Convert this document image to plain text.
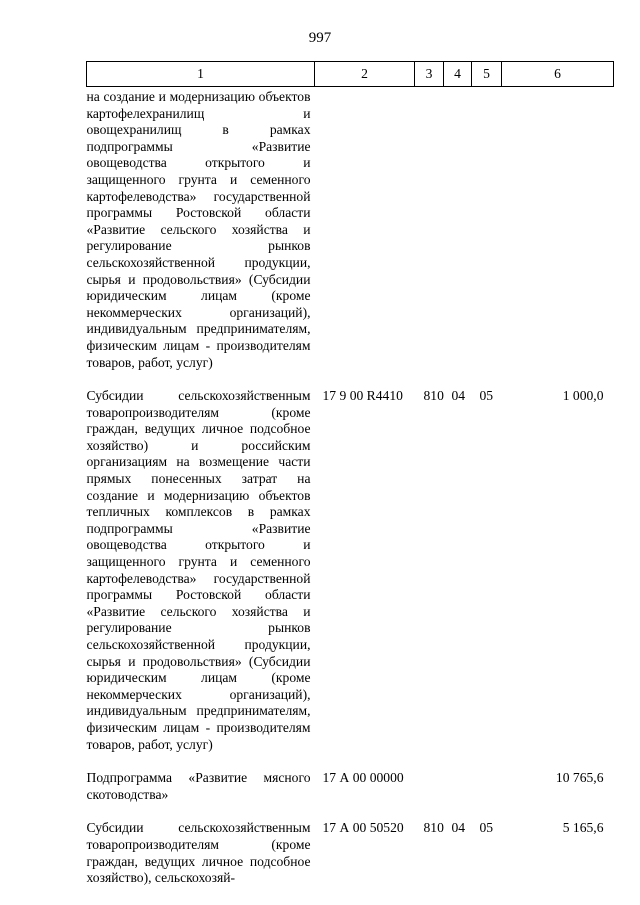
997
1	2	3	4	5	6
на создание и модернизацию объектов картофелехранилищ и овощехранилищ в рамках подпрограммы «Развитие овощеводства открытого и защищенного грунта и семенного картофелеводства» государственной программы Ростовской области «Развитие сельского хозяйства и регулирование рынков сельскохозяйственной продукции, сырья и продовольствия» (Субсидии юридическим лицам (кроме некоммерческих организаций), индивидуальным предпринимателям, физическим лицам - производителям товаров, работ, услуг)					
Субсидии сельскохозяйственным товаропроизводителям (кроме граждан, ведущих личное подсобное хозяйство) и российским организациям на возмещение части прямых понесенных затрат на создание и модернизацию объектов тепличных комплексов в рамках подпрограммы «Развитие овощеводства открытого и защищенного грунта и семенного картофелеводства» государственной программы Ростовской области «Развитие сельского хозяйства и регулирование рынков сельскохозяйственной продукции, сырья и продовольствия» (Субсидии юридическим лицам (кроме некоммерческих организаций), индивидуальным предпринимателям, физическим лицам - производителям товаров, работ, услуг)	17 9 00 R4410	810	04	05	1 000,0
Подпрограмма «Развитие мясного скотоводства»	17 А 00 00000				10 765,6
Субсидии сельскохозяйственным товаропроизводителям (кроме граждан, ведущих личное подсобное хозяйство), сельскохозяй-	17 А 00 50520	810	04	05	5 165,6
